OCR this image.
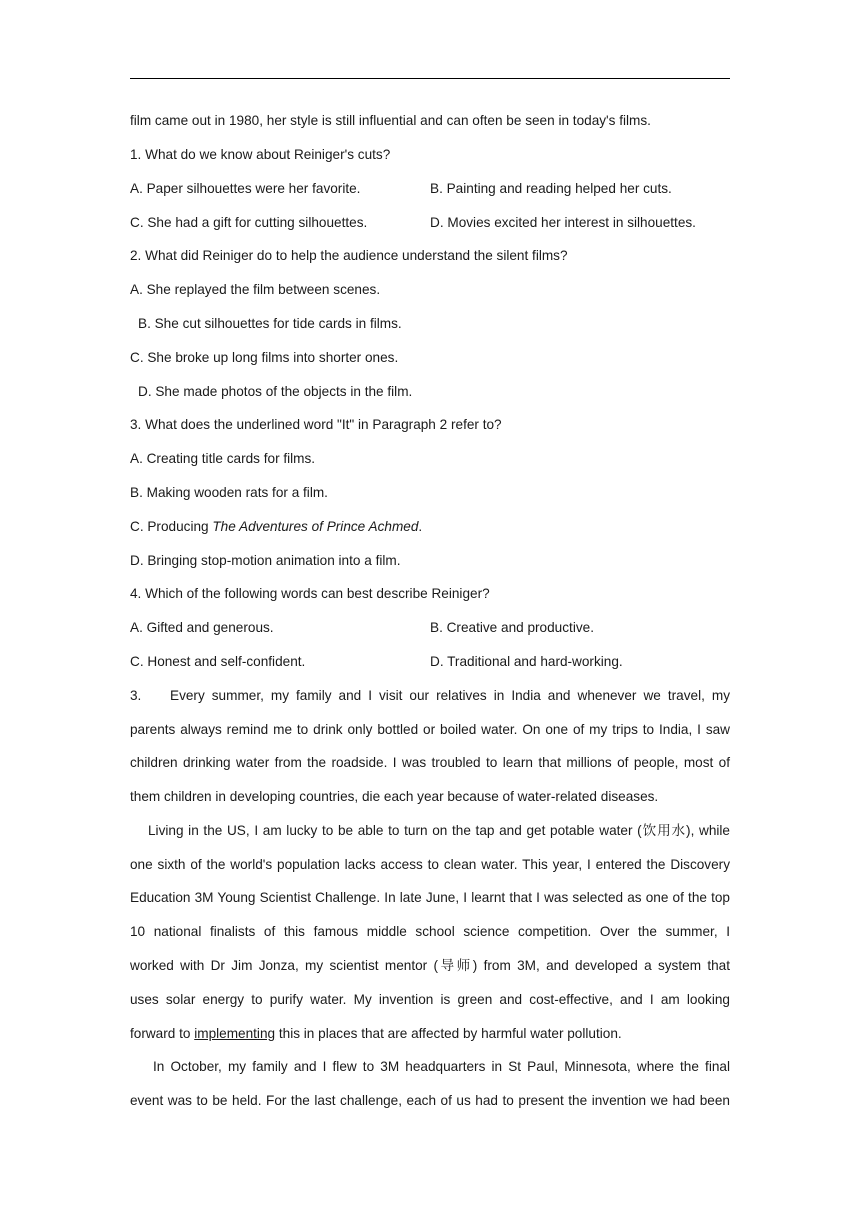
film came out in 1980, her style is still influential and can often be seen in today's films.
1. What do we know about Reiniger's cuts?
A. Paper silhouettes were her favorite.	B. Painting and reading helped her cuts.
C. She had a gift for cutting silhouettes.	D. Movies excited her interest in silhouettes.
2. What did Reiniger do to help the audience understand the silent films?
A. She replayed the film between scenes.
B. She cut silhouettes for tide cards in films.
C. She broke up long films into shorter ones.
D. She made photos of the objects in the film.
3. What does the underlined word "It" in Paragraph 2 refer to?
A. Creating title cards for films.
B. Making wooden rats for a film.
C. Producing The Adventures of Prince Achmed.
D. Bringing stop-motion animation into a film.
4. Which of the following words can best describe Reiniger?
A. Gifted and generous.	B. Creative and productive.
C. Honest and self-confident.	D. Traditional and hard-working.
3. Every summer, my family and I visit our relatives in India and whenever we travel, my
parents always remind me to drink only bottled or boiled water. On one of my trips to India, I saw
children drinking water from the roadside. I was troubled to learn that millions of people, most of
them children in developing countries, die each year because of water-related diseases.
Living in the US, I am lucky to be able to turn on the tap and get potable water (饮用水), while
one sixth of the world's population lacks access to clean water. This year, I entered the Discovery
Education 3M Young Scientist Challenge. In late June, I learnt that I was selected as one of the top
10 national finalists of this famous middle school science competition. Over the summer, I
worked with Dr Jim Jonza, my scientist mentor (导师) from 3M, and developed a system that
uses solar energy to purify water. My invention is green and cost-effective, and I am looking
forward to implementing this in places that are affected by harmful water pollution.
In October, my family and I flew to 3M headquarters in St Paul, Minnesota, where the final
event was to be held. For the last challenge, each of us had to present the invention we had been
